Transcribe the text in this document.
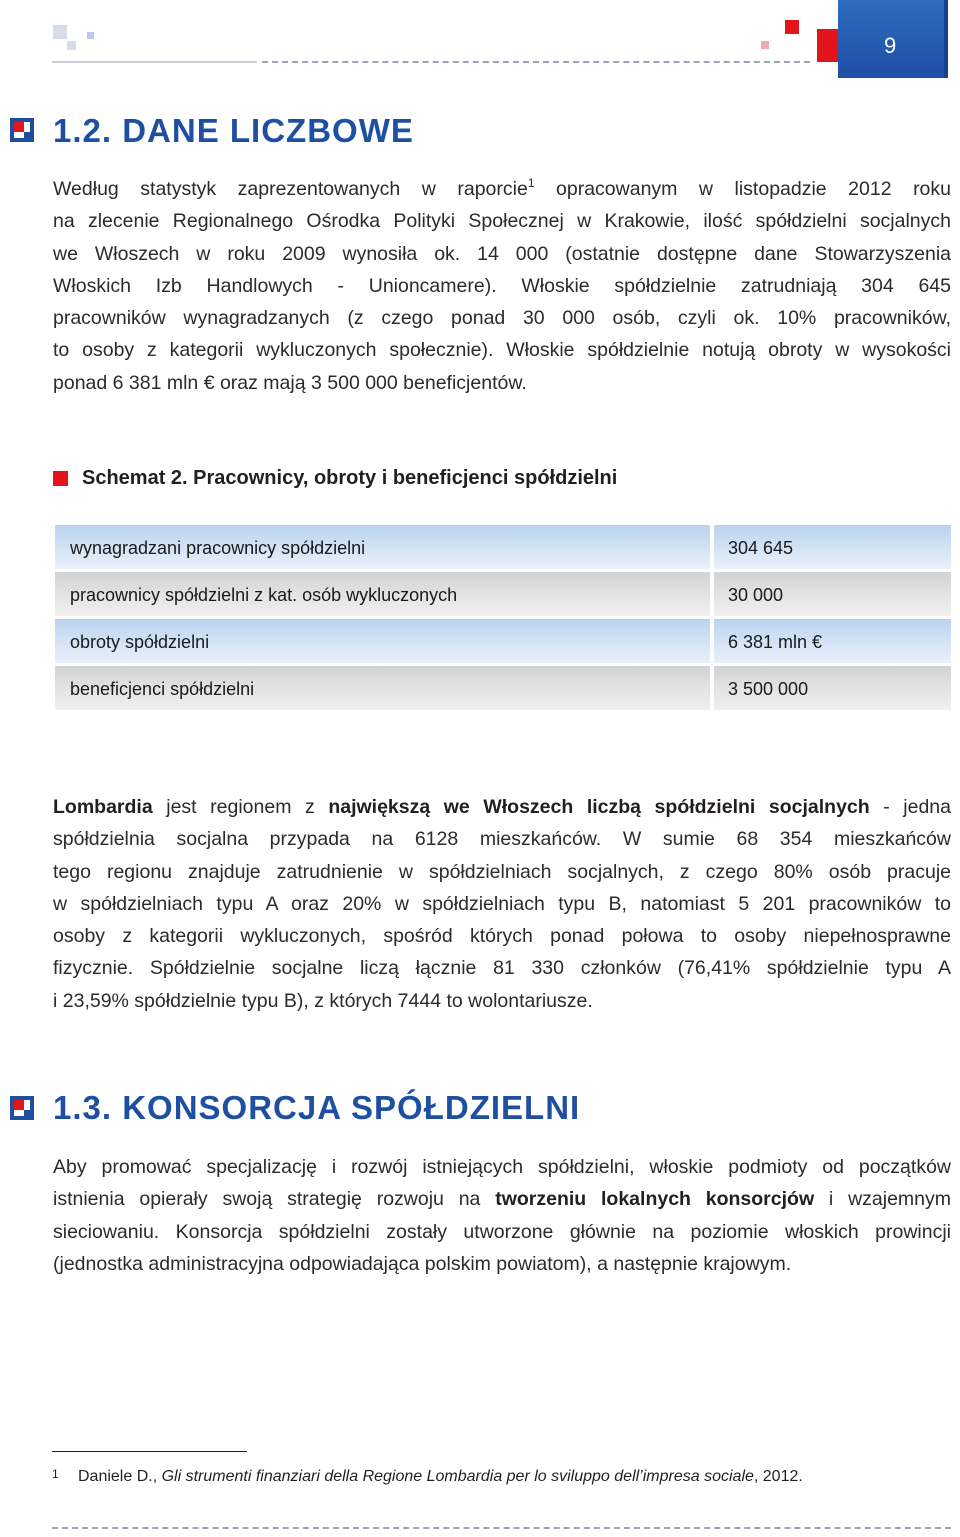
9
1.2. DANE LICZBOWE
Według statystyk zaprezentowanych w raporcie$^1$ opracowanym w listopadzie 2012 roku
na zlecenie Regionalnego Ośrodka Polityki Społecznej w Krakowie, ilość spółdzielni socjalnych
we Włoszech w roku 2009 wynosiła ok. 14 000 (ostatnie dostępne dane Stowarzyszenia
Włoskich Izb Handlowych - Unioncamere). Włoskie spółdzielnie zatrudniają 304 645
pracowników wynagradzanych (z czego ponad 30 000 osób, czyli ok. 10% pracowników,
to osoby z kategorii wykluczonych społecznie). Włoskie spółdzielnie notują obroty w wysokości
ponad 6 381 mln € oraz mają 3 500 000 beneficjentów.
Schemat 2. Pracownicy, obroty i beneficjenci spółdzielni
wynagradzani pracownicy spółdzielni	304 645
pracownicy spółdzielni z kat. osób wykluczonych	30 000
obroty spółdzielni	6 381 mln €
beneficjenci spółdzielni	3 500 000
Lombardia jest regionem z największą we Włoszech liczbą spółdzielni socjalnych - jedna
spółdzielnia socjalna przypada na 6128 mieszkańców. W sumie 68 354 mieszkańców
tego regionu znajduje zatrudnienie w spółdzielniach socjalnych, z czego 80% osób pracuje
w spółdzielniach typu A oraz 20% w spółdzielniach typu B, natomiast 5 201 pracowników to
osoby z kategorii wykluczonych, spośród których ponad połowa to osoby niepełnosprawne
fizycznie. Spółdzielnie socjalne liczą łącznie 81 330 członków (76,41% spółdzielnie typu A
i 23,59% spółdzielnie typu B), z których 7444 to wolontariusze.
1.3. KONSORCJA SPÓŁDZIELNI
Aby promować specjalizację i rozwój istniejących spółdzielni, włoskie podmioty od początków
istnienia opierały swoją strategię rozwoju na tworzeniu lokalnych konsorcjów i wzajemnym
sieciowaniu. Konsorcja spółdzielni zostały utworzone głównie na poziomie włoskich prowincji
(jednostka administracyjna odpowiadająca polskim powiatom), a następnie krajowym.
1 Daniele D., Gli strumenti finanziari della Regione Lombardia per lo sviluppo dell’impresa sociale, 2012.
